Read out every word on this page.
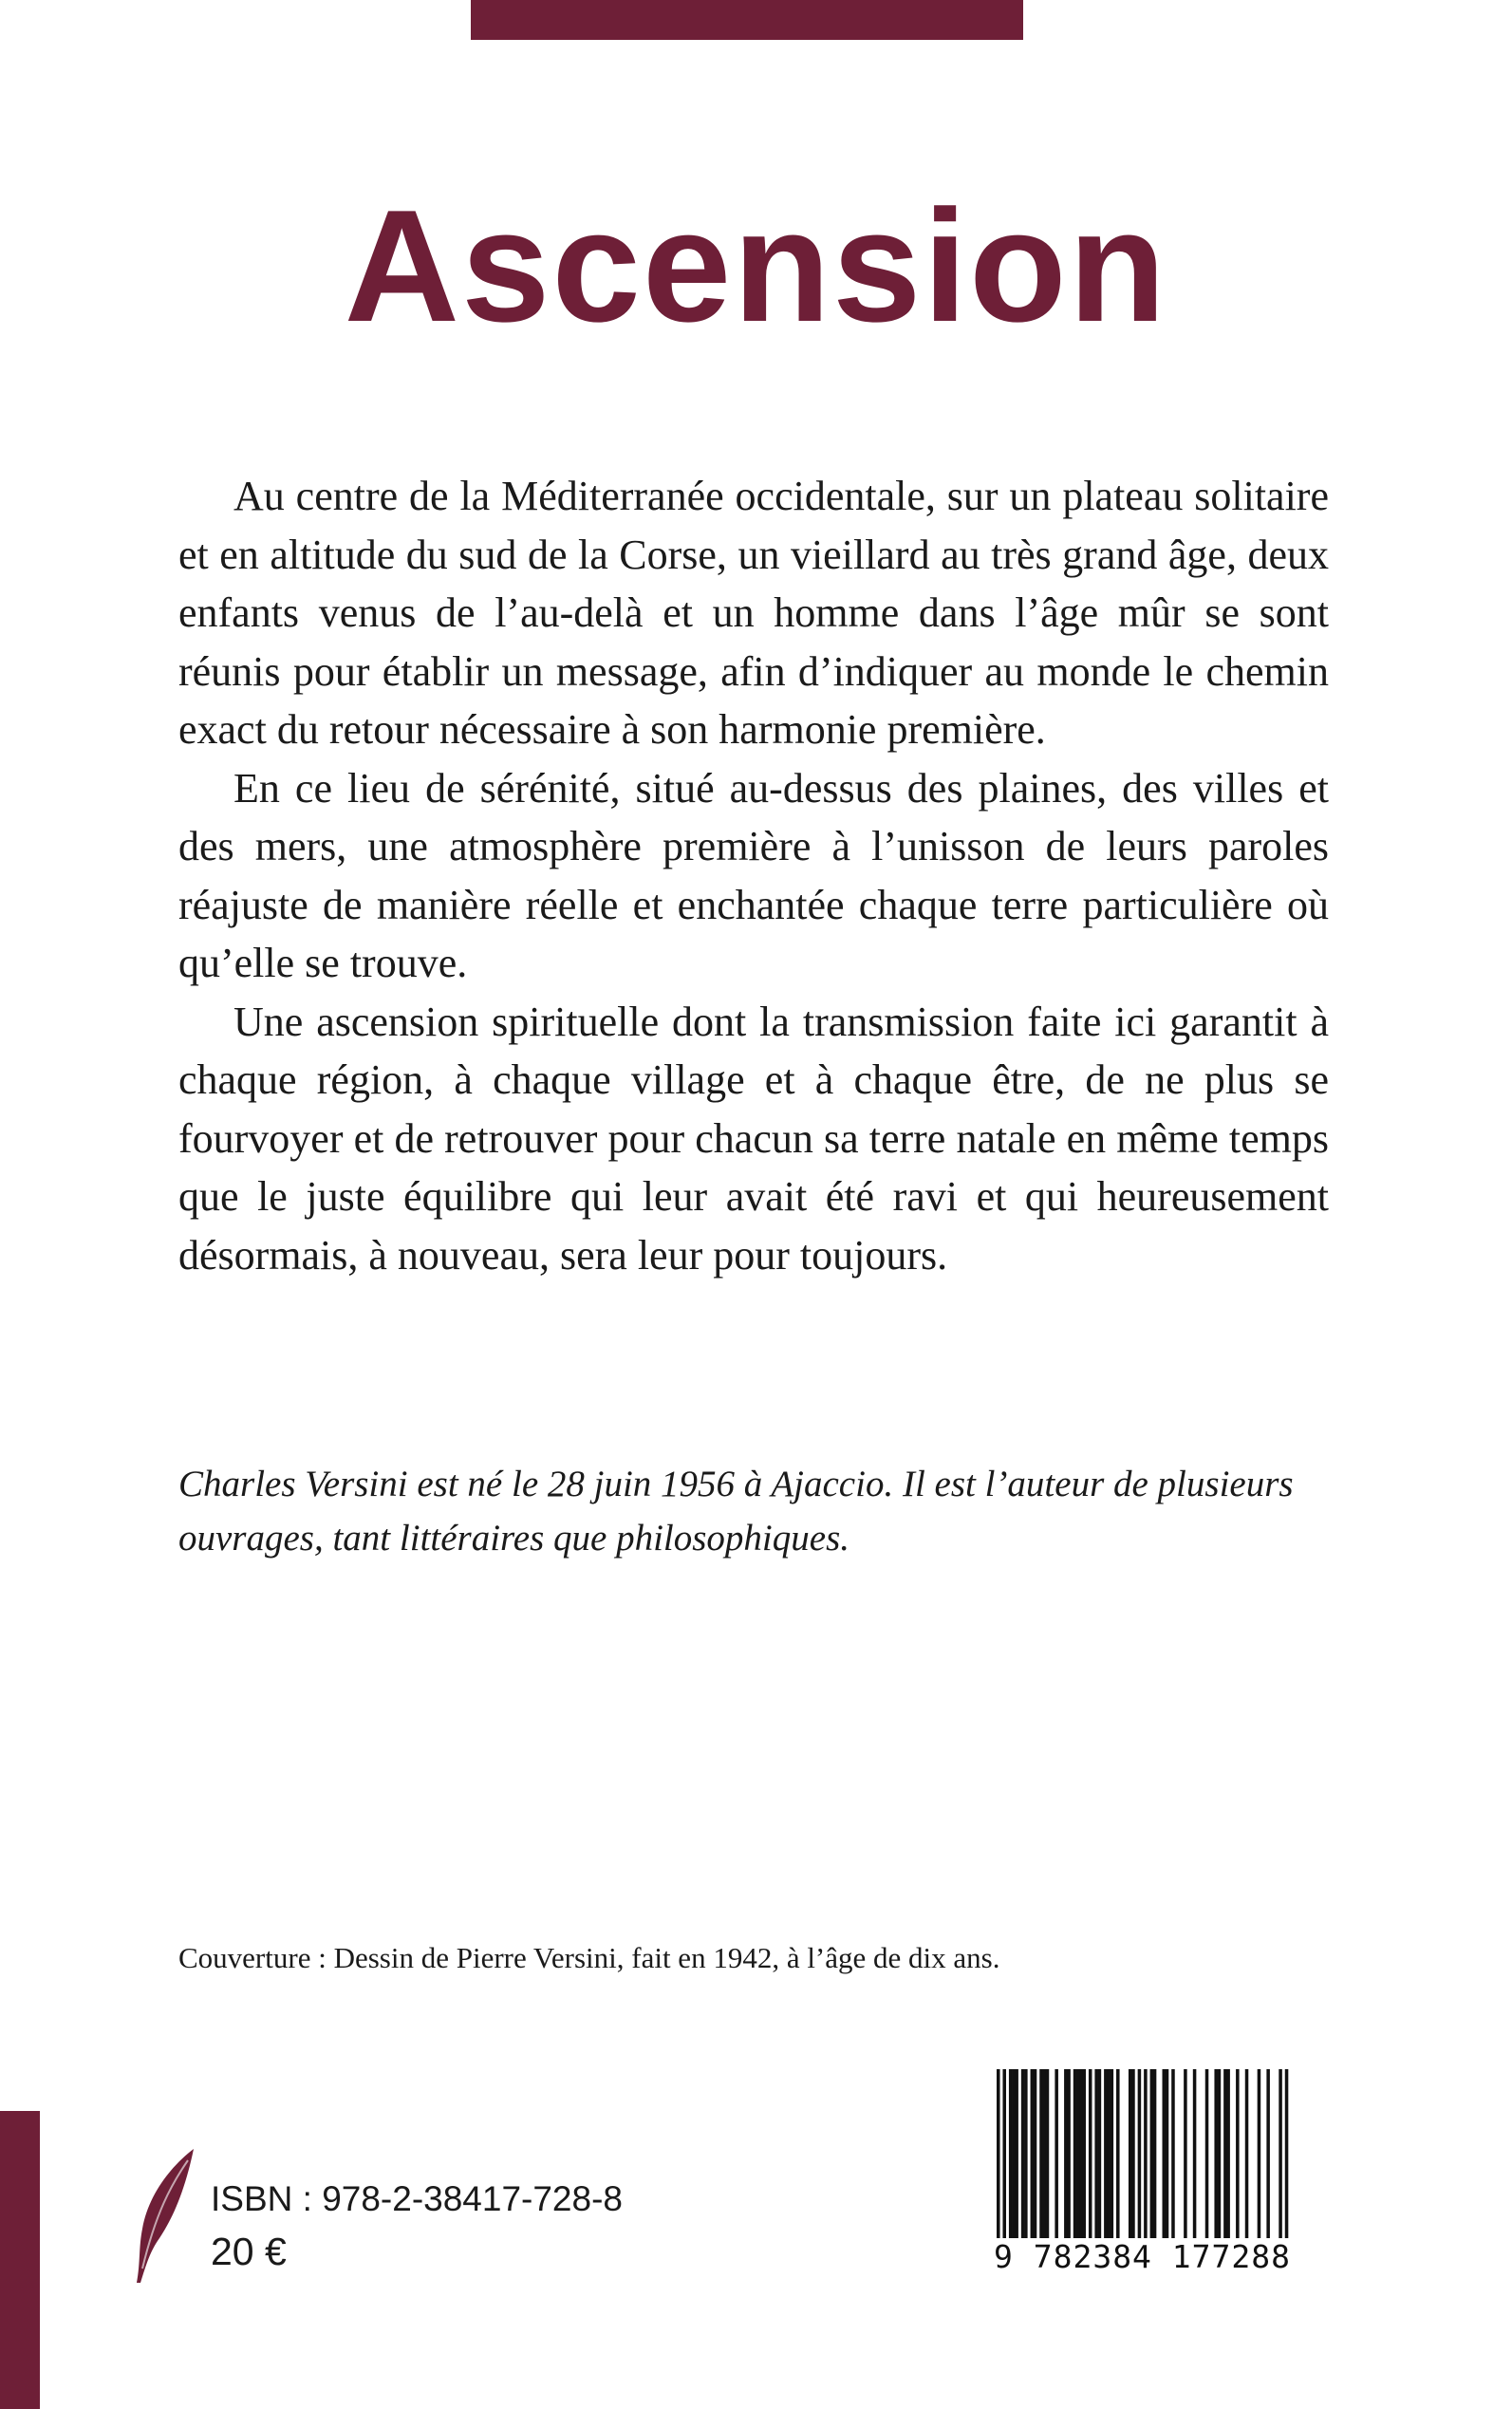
Ascension

Au centre de la Méditerranée occidentale, sur un plateau solitaire et en altitude du sud de la Corse, un vieillard au très grand âge, deux enfants venus de l’au-delà et un homme dans l’âge mûr se sont réunis pour établir un message, afin d’indiquer au monde le chemin exact du retour nécessaire à son harmonie première.

En ce lieu de sérénité, situé au-dessus des plaines, des villes et des mers, une atmosphère première à l’unisson de leurs paroles réajuste de manière réelle et enchantée chaque terre particulière où qu’elle se trouve.

Une ascension spirituelle dont la transmission faite ici garantit à chaque région, à chaque village et à chaque être, de ne plus se fourvoyer et de retrouver pour chacun sa terre natale en même temps que le juste équilibre qui leur avait été ravi et qui heureusement désormais, à nouveau, sera leur pour toujours.

Charles Versini est né le 28 juin 1956 à Ajaccio. Il est l’auteur de plusieurs ouvrages, tant littéraires que philosophiques.
Couverture : Dessin de Pierre Versini, fait en 1942, à l’âge de dix ans.
ISBN : 978-2-38417-728-8
20 €	9 782384 177288
